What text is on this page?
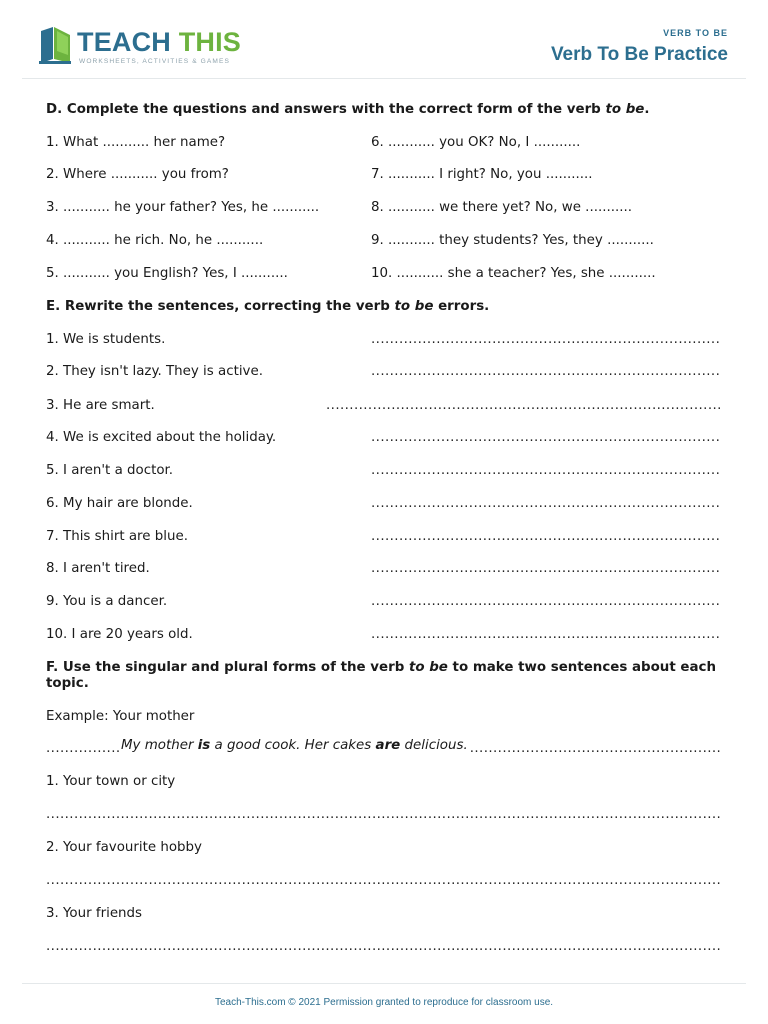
TEACH THIS
WORKSHEETS, ACTIVITIES & GAMES
VERB TO BE
Verb To Be Practice
D. Complete the questions and answers with the correct form of the verb to be.
1. What ........... her name?
2. Where ........... you from?
3. ........... he your father? Yes, he ...........
4. ........... he rich. No, he ...........
5. ........... you English? Yes, I ...........
6. ........... you OK? No, I ...........
7. ........... I right? No, you ...........
8. ........... we there yet? No, we ...........
9. ........... they students? Yes, they ...........
10. ........... she a teacher? Yes, she ...........
E. Rewrite the sentences, correcting the verb to be errors.
1. We is students.
.....
2. They isn't lazy. They is active.
.....
3. He are smart.
.....
4. We is excited about the holiday.
.....
5. I aren't a doctor.
.....
6. My hair are blonde.
.....
7. This shirt are blue.
.....
8. I aren't tired.
.....
9. You is a dancer.
.....
10. I are 20 years old.
.....
F. Use the singular and plural forms of the verb to be to make two sentences about each topic.
Example: Your mother
.....
My mother is a good cook. Her cakes are delicious.
1. Your town or city
.....
2. Your favourite hobby
.....
3. Your friends
.....
Teach-This.com © 2021 Permission granted to reproduce for classroom use.
